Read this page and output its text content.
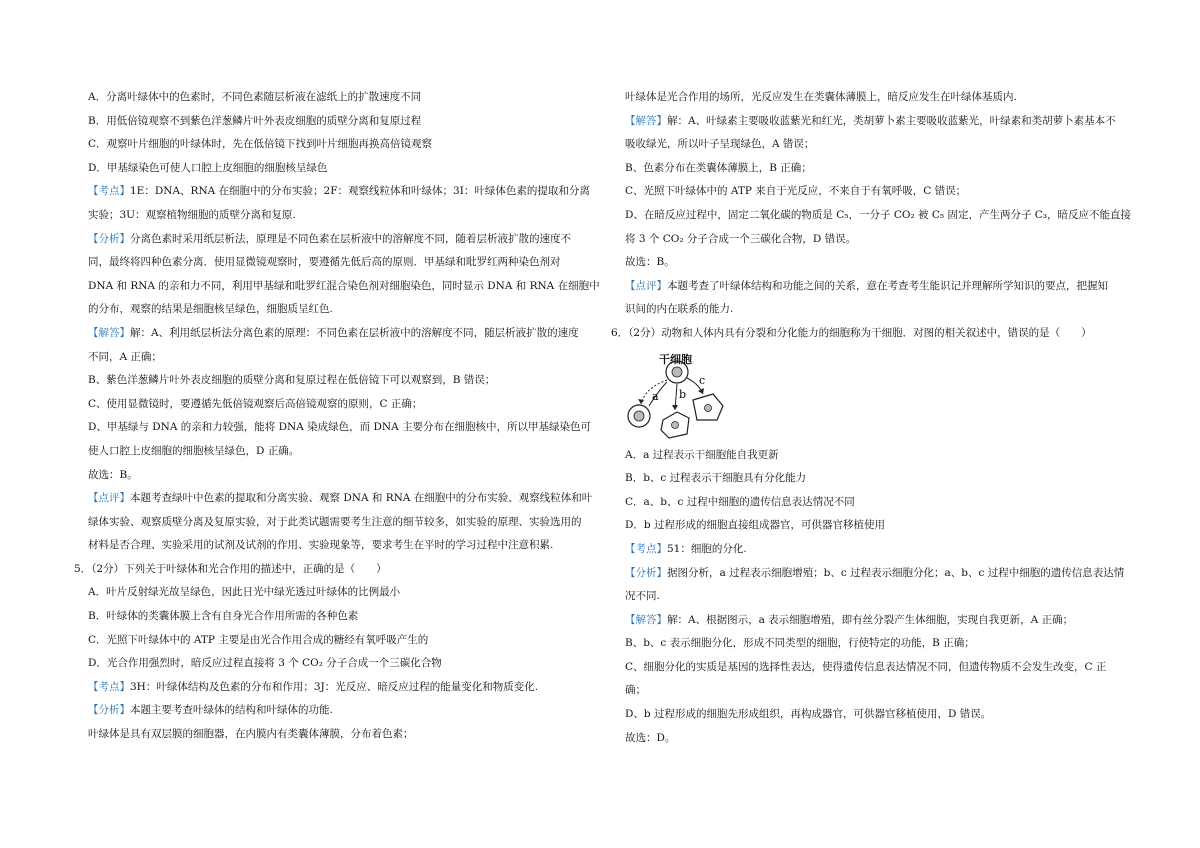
A．分离叶绿体中的色素时，不同色素随层析液在滤纸上的扩散速度不同
B．用低倍镜观察不到紫色洋葱鳞片叶外表皮细胞的质壁分离和复原过程
C．观察叶片细胞的叶绿体时，先在低倍镜下找到叶片细胞再换高倍镜观察
D．甲基绿染色可使人口腔上皮细胞的细胞核呈绿色
【考点】1E：DNA、RNA 在细胞中的分布实验；2F：观察线粒体和叶绿体；3I：叶绿体色素的提取和分离
实验；3U：观察植物细胞的质壁分离和复原.
【分析】分离色素时采用纸层析法，原理是不同色素在层析液中的溶解度不同，随着层析液扩散的速度不
同，最终将四种色素分离．使用显微镜观察时，要遵循先低后高的原则．甲基绿和吡罗红两种染色剂对
DNA 和 RNA 的亲和力不同，利用甲基绿和吡罗红混合染色剂对细胞染色，同时显示 DNA 和 RNA 在细胞中
的分布，观察的结果是细胞核呈绿色，细胞质呈红色.
【解答】解：A、利用纸层析法分离色素的原理：不同色素在层析液中的溶解度不同，随层析液扩散的速度
不同，A 正确；
B、紫色洋葱鳞片叶外表皮细胞的质壁分离和复原过程在低倍镜下可以观察到，B 错误；
C、使用显微镜时，要遵循先低倍镜观察后高倍镜观察的原则，C 正确；
D、甲基绿与 DNA 的亲和力较强，能将 DNA 染成绿色，而 DNA 主要分布在细胞核中，所以甲基绿染色可
使人口腔上皮细胞的细胞核呈绿色，D 正确。
故选：B。
【点评】本题考查绿叶中色素的提取和分离实验、观察 DNA 和 RNA 在细胞中的分布实验、观察线粒体和叶
绿体实验、观察质壁分离及复原实验，对于此类试题需要考生注意的细节较多，如实验的原理、实验选用的
材料是否合理、实验采用的试剂及试剂的作用、实验现象等，要求考生在平时的学习过程中注意积累.
5．（2分）下列关于叶绿体和光合作用的描述中，正确的是（　　）
A．叶片反射绿光故呈绿色，因此日光中绿光透过叶绿体的比例最小
B．叶绿体的类囊体膜上含有自身光合作用所需的各种色素
C．光照下叶绿体中的 ATP 主要是由光合作用合成的糖经有氧呼吸产生的
D．光合作用强烈时，暗反应过程直接将 3 个 CO₂ 分子合成一个三碳化合物
【考点】3H：叶绿体结构及色素的分布和作用；3J：光反应、暗反应过程的能量变化和物质变化.
【分析】本题主要考查叶绿体的结构和叶绿体的功能.
叶绿体是具有双层膜的细胞器，在内膜内有类囊体薄膜，分布着色素；
叶绿体是光合作用的场所，光反应发生在类囊体薄膜上，暗反应发生在叶绿体基质内.
【解答】解：A、叶绿素主要吸收蓝紫光和红光，类胡萝卜素主要吸收蓝紫光，叶绿素和类胡萝卜素基本不
吸收绿光，所以叶子呈现绿色，A 错误；
B、色素分布在类囊体薄膜上，B 正确；
C、光照下叶绿体中的 ATP 来自于光反应，不来自于有氧呼吸，C 错误；
D、在暗反应过程中，固定二氧化碳的物质是 C₅，一分子 CO₂ 被 C₅ 固定，产生两分子 C₃，暗反应不能直接
将 3 个 CO₂ 分子合成一个三碳化合物，D 错误。
故选：B。
【点评】本题考查了叶绿体结构和功能之间的关系，意在考查考生能识记并理解所学知识的要点，把握知
识间的内在联系的能力.
6．（2分）动物和人体内具有分裂和分化能力的细胞称为干细胞．对图的相关叙述中，错误的是（　　）
a b
c
干细胞
A．a 过程表示干细胞能自我更新
B．b、c 过程表示干细胞具有分化能力
C．a、b、c 过程中细胞的遗传信息表达情况不同
D．b 过程形成的细胞直接组成器官，可供器官移植使用
【考点】51：细胞的分化.
【分析】据图分析，a 过程表示细胞增殖；b、c 过程表示细胞分化；a、b、c 过程中细胞的遗传信息表达情
况不同.
【解答】解：A、根据图示，a 表示细胞增殖，即有丝分裂产生体细胞，实现自我更新，A 正确；
B、b、c 表示细胞分化，形成不同类型的细胞，行使特定的功能，B 正确；
C、细胞分化的实质是基因的选择性表达，使得遗传信息表达情况不同，但遗传物质不会发生改变，C 正
确；
D、b 过程形成的细胞先形成组织，再构成器官，可供器官移植使用，D 错误。
故选：D。
